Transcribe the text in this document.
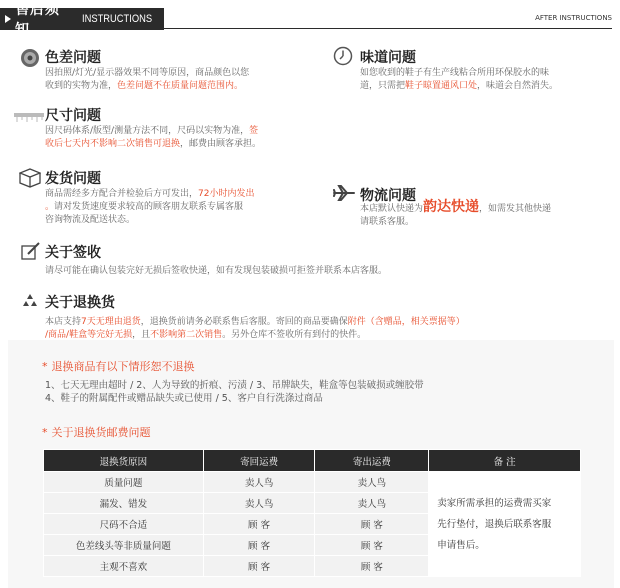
售后须知
INSTRUCTIONS	AFTER INSTRUCTIONS
色差问题
因拍照/灯光/显示器效果不同等原因，商品颜色以您
收到的实物为准，色差问题不在质量问题范围内。
味道问题
如您收到的鞋子有生产线粘合所用环保胶水的味
道，只需把鞋子晾置通风口处，味道会自然消失。
尺寸问题
因尺码体系/版型/测量方法不同，尺码以实物为准，签
收后七天内不影响二次销售可退换，邮费由顾客承担。
发货问题
商品需经多方配合并检验后方可发出，72小时内发出
。请对发货速度要求较高的顾客朋友联系专属客服
咨询物流及配送状态。
物流问题
本店默认快递为韵达快递，如需发其他快递
请联系客服。
关于签收
请尽可能在确认包装完好无损后签收快递，如有发现包装破损可拒签并联系本店客服。
关于退换货
本店支持7天无理由退货，退换货前请务必联系售后客服。寄回的商品要确保附件（含赠品，相关票据等）
/商品/鞋盒等完好无损，且不影响第二次销售。另外仓库不签收所有到付的快件。
* 退换商品有以下情形恕不退换
1、七天无理由超时 / 2、人为导致的折痕、污渍 / 3、吊牌缺失，鞋盒等包装破损或缠胶带
4、鞋子的附属配件或赠品缺失或已使用 / 5、客户自行洗涤过商品
* 关于退换货邮费问题
退换货原因	寄回运费	寄出运费	备 注
质量问题	卖人鸟	卖人鸟	卖家所需承担的运费需买家
先行垫付，退换后联系客服
申请售后。

漏发、错发	卖人鸟	卖人鸟	
尺码不合适	顾 客	顾 客	
色差线头等非质量问题	顾 客	顾 客	
主观不喜欢	顾 客	顾 客	
